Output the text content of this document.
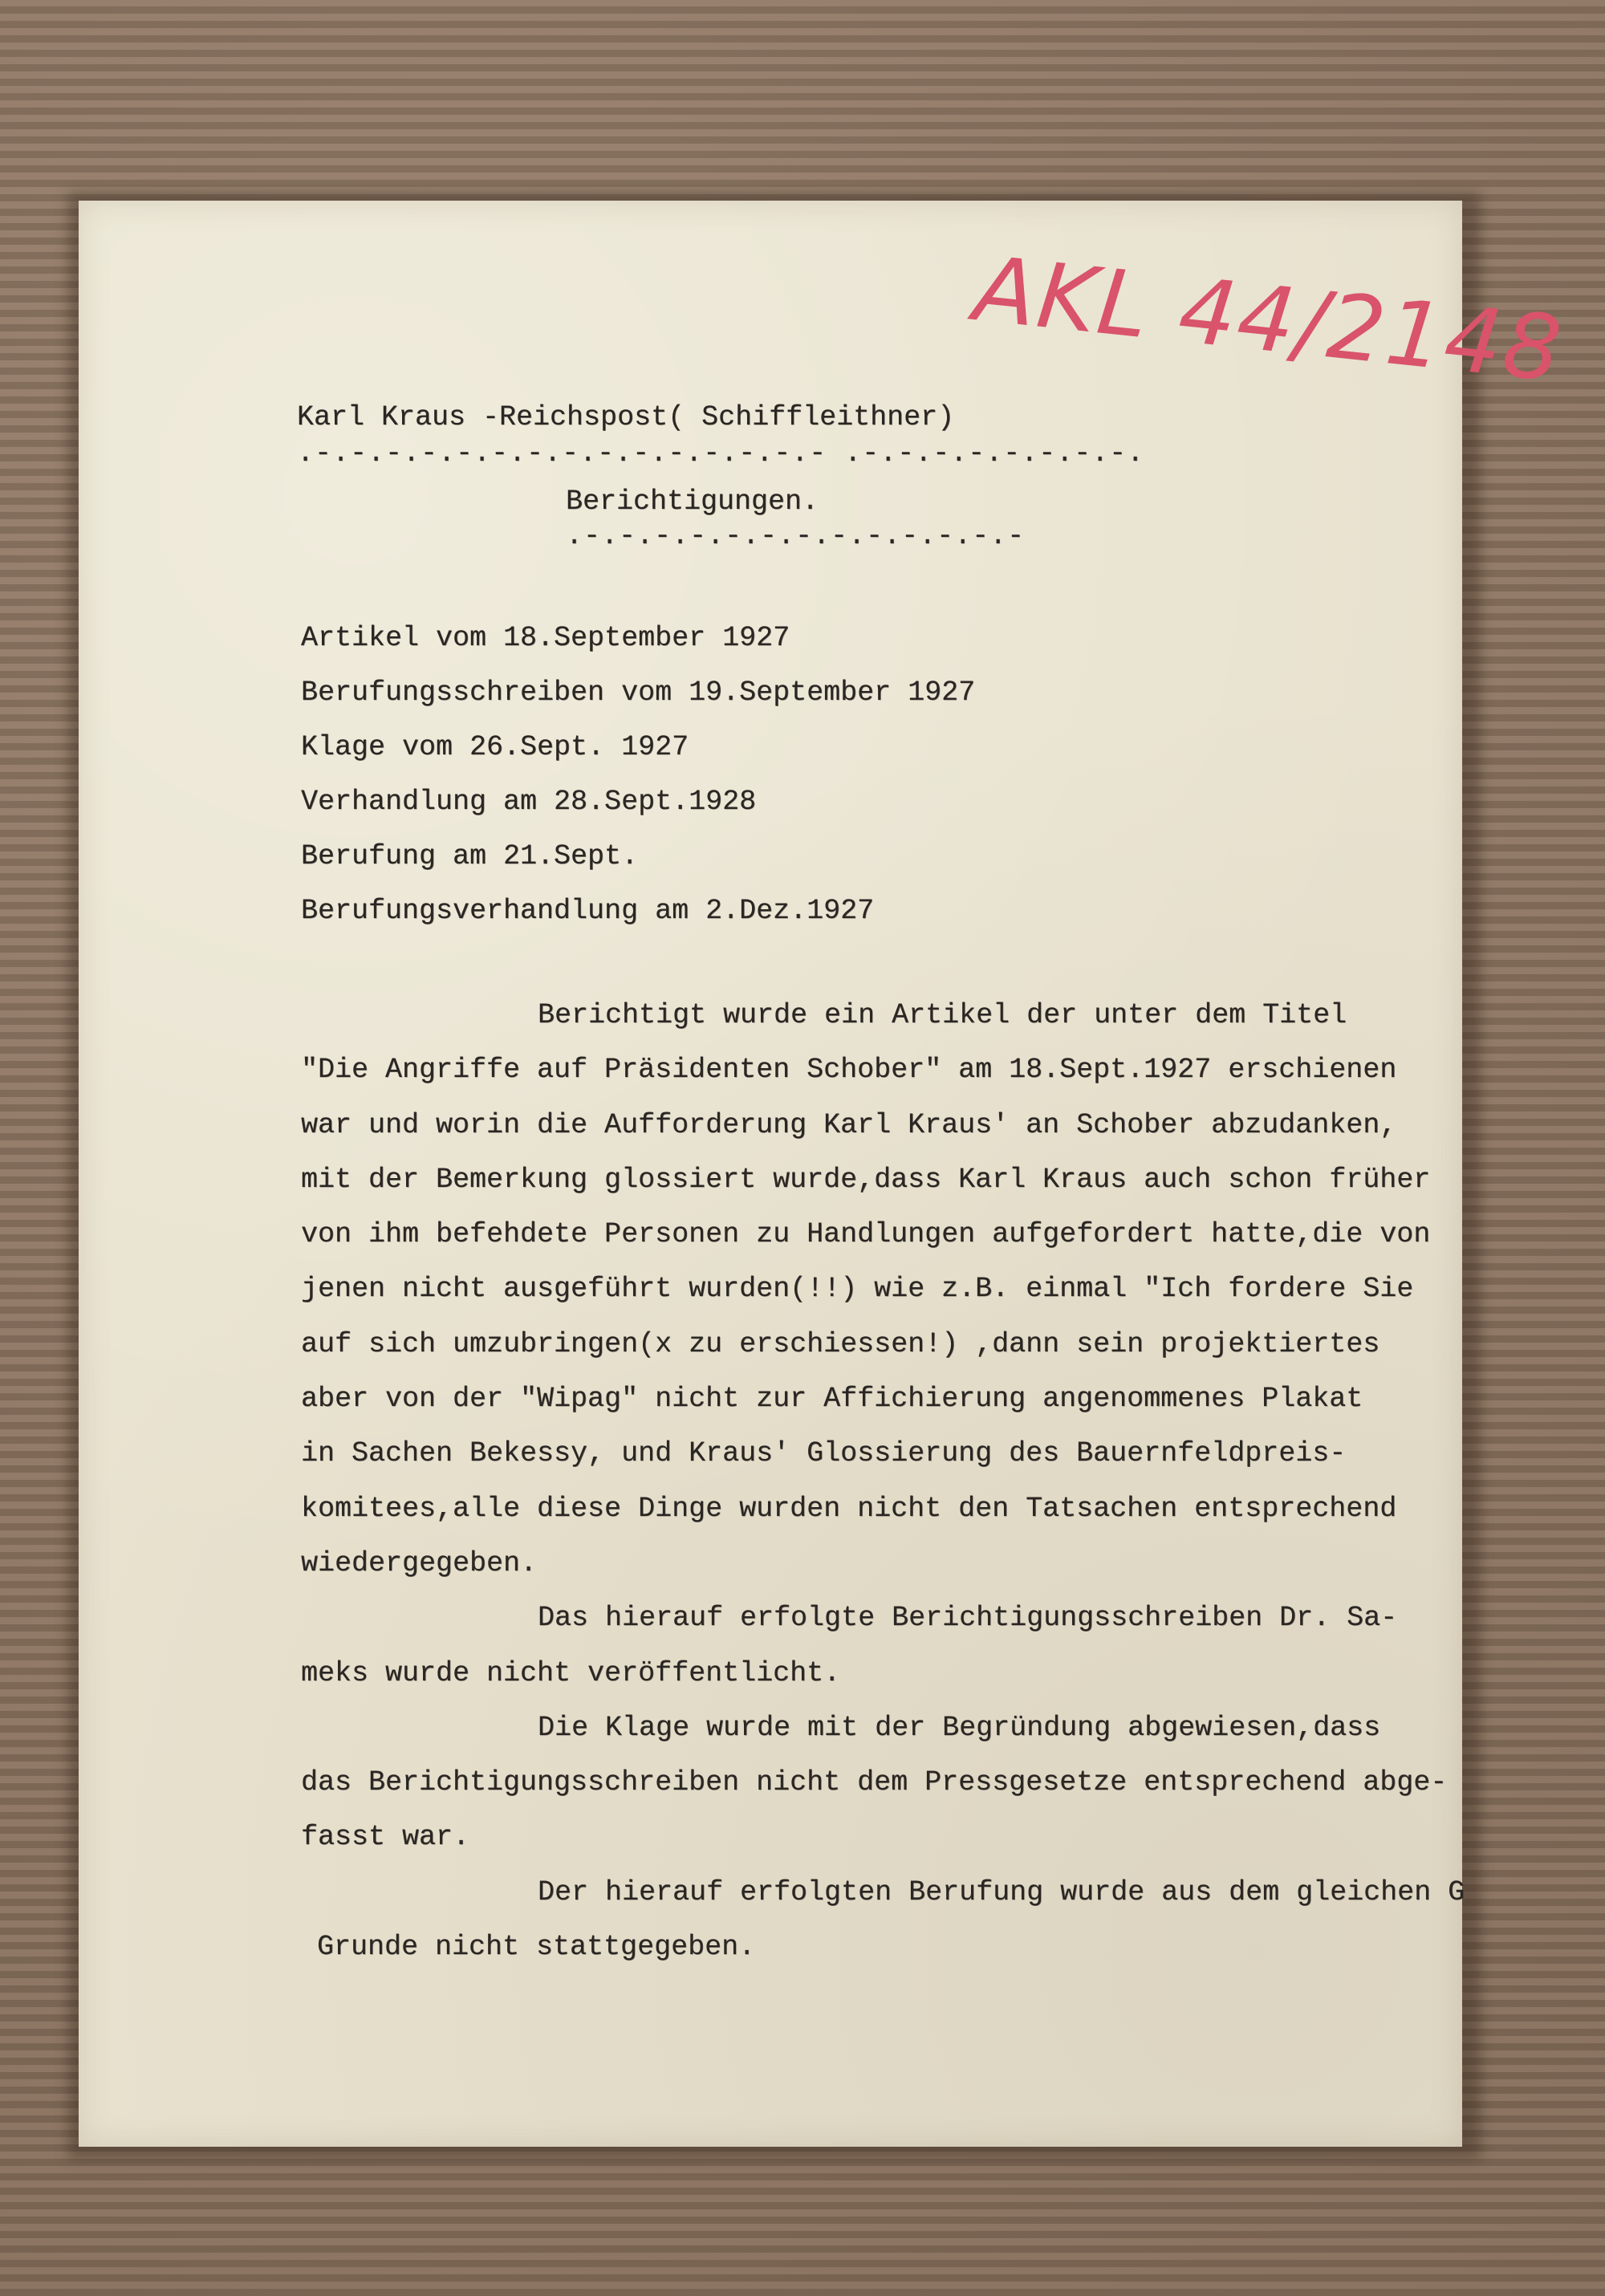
AKL 44/2148

Karl Kraus -Reichspost( Schiffleithner)

.-.-.-.-.-.-.-.-.-.-.-.-.-.-.- .-.-.-.-.-.-.-.-.

Berichtigungen.

.-.-.-.-.-.-.-.-.-.-.-.-.-

Artikel vom 18.September 1927
Berufungsschreiben vom 19.September 1927
Klage vom 26.Sept. 1927
Verhandlung am 28.Sept.1928
Berufung am 21.Sept.
Berufungsverhandlung am 2.Dez.1927
Berichtigt wurde ein Artikel der unter dem Titel
"Die Angriffe auf Präsidenten Schober" am 18.Sept.1927 erschienen
war und worin die Aufforderung Karl Kraus' an Schober abzudanken,
mit der Bemerkung glossiert wurde,dass Karl Kraus auch schon früher
von ihm befehdete Personen zu Handlungen aufgefordert hatte,die von
jenen nicht ausgeführt wurden(!!) wie z.B. einmal "Ich fordere Sie
auf sich umzubringen(x zu erschiessen!) ,dann sein projektiertes
aber von der "Wipag" nicht zur Affichierung angenommenes Plakat
in Sachen Bekessy, und Kraus' Glossierung des Bauernfeldpreis-
komitees,alle diese Dinge wurden nicht den Tatsachen entsprechend
wiedergegeben.
Das hierauf erfolgte Berichtigungsschreiben Dr. Sa-
meks wurde nicht veröffentlicht.
Die Klage wurde mit der Begründung abgewiesen,dass
das Berichtigungsschreiben nicht dem Pressgesetze entsprechend abge-
fasst war.
Der hierauf erfolgten Berufung wurde aus dem gleichen G
Grunde nicht stattgegeben.
